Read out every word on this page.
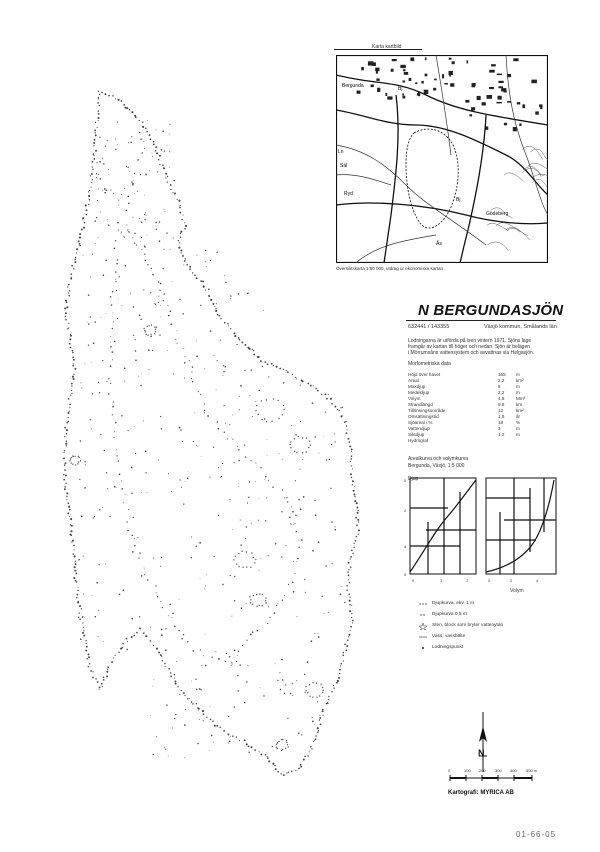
Karta kartbild
Bergunda	Bj
Ryd
Gödeberg
Säl
Ln
Ås
Bj
Översiktskarta 1:50 000, utdrag ur ekonomiska kartan
N BERGUNDASJÖN
632441 / 143355	Växjö kommun, Smålands län
Lodningarna är utförda på isen vintern 1971. Sjöns läge
framgår av kartan till höger och nedan. Sjön är belägen
i Mörrumsåns vattensystem och avvattnas via Helgasjön.
Morfometriska data
Höjd över havet	165 m
Areal	2,2	km²
Maxdjup	5	m
Medeldjup	2,2	m
Volym	4,8	Mm³
Strandlängd	9,6	km
Tillrinningsområde	12	km²
Omsättningstid	1,5	år
Sjöareal i %	18	%
Vattendjup	3	m
Siktdjup	1,2	m
Hydrograf
Arealkurva och volymkurva
Bergunda, Växjö, 1:5 000
0
2
4
5
0	1	2	0	2	4
Djup
Volym
Djupkurva, ekv. 1 m
Djupkurva 0,5 m
Sten, block som bryter vattenytan
Vass, vassbälte
Lodningspunkt
N
0	100 200 300 400 500 m
Kartografi: MYRICA AB
01-66-05
